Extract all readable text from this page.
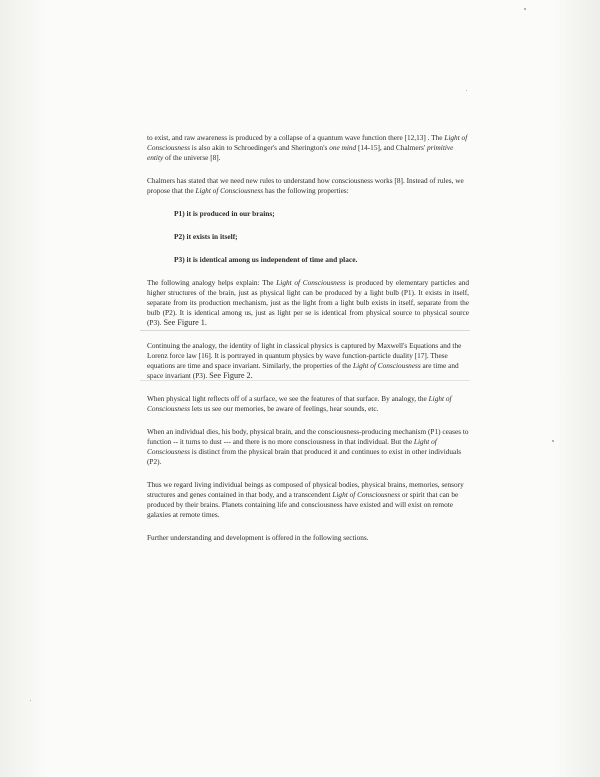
to exist, and raw awareness is produced by a collapse of a quantum wave function there [12,13] . The Light of Consciousness is also akin to Schroedinger's and Sherington's one mind [14-15], and Chalmers' primitive entity of the universe [8].

Chalmers has stated that we need new rules to understand how consciousness works [8]. Instead of rules, we propose that the Light of Consciousness has the following properties:

P1) it is produced in our brains;

P2) it exists in itself;

P3) it is identical among us independent of time and place.

The following analogy helps explain: The Light of Consciousness is produced by elementary particles and higher structures of the brain, just as physical light can be produced by a light bulb (P1). It exists in itself, separate from its production mechanism, just as the light from a light bulb exists in itself, separate from the bulb (P2). It is identical among us, just as light per se is identical from physical source to physical source (P3). See Figure 1.

Continuing the analogy, the identity of light in classical physics is captured by Maxwell's Equations and the Lorenz force law [16]. It is portrayed in quantum physics by wave function-particle duality [17]. These equations are time and space invariant. Similarly, the properties of the Light of Consciousness are time and space invariant (P3). See Figure 2.

When physical light reflects off of a surface, we see the features of that surface. By analogy, the Light of Consciousness lets us see our memories, be aware of feelings, hear sounds, etc.

When an individual dies, his body, physical brain, and the consciousness-producing mechanism (P1) ceases to function -- it turns to dust --- and there is no more consciousness in that individual. But the Light of Consciousness is distinct from the physical brain that produced it and continues to exist in other individuals (P2).

Thus we regard living individual beings as composed of physical bodies, physical brains, memories, sensory structures and genes contained in that body, and a transcendent Light of Consciousness or spirit that can be produced by their brains. Planets containing life and consciousness have existed and will exist on remote galaxies at remote times.

Further understanding and development is offered in the following sections.
